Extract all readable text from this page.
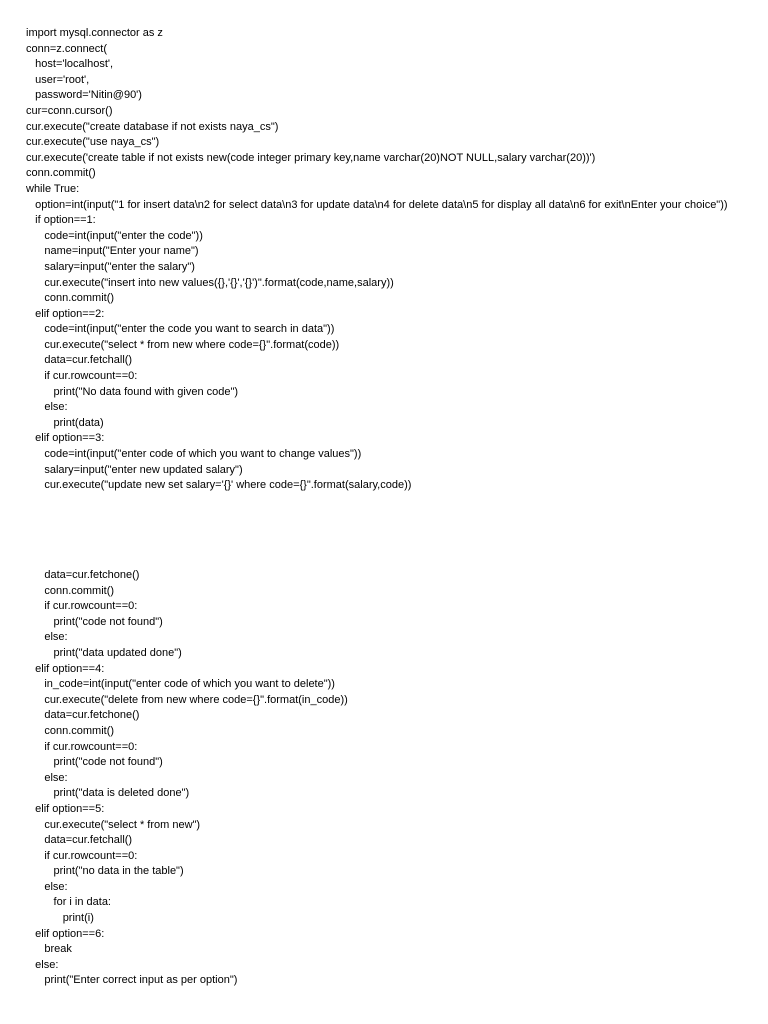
import mysql.connector as z
conn=z.connect(
host='localhost',
user='root',
password='Nitin@90')
cur=conn.cursor()
cur.execute("create database if not exists naya_cs")
cur.execute("use naya_cs")
cur.execute('create table if not exists new(code integer primary key,name varchar(20)NOT NULL,salary varchar(20))')
conn.commit()
while True:
option=int(input("1 for insert data\n2 for select data\n3 for update data\n4 for delete data\n5 for display all data\n6 for exit\nEnter your choice"))
if option==1:
code=int(input("enter the code"))
name=input("Enter your name")
salary=input("enter the salary")
cur.execute("insert into new values({},'{}','{}')".format(code,name,salary))
conn.commit()
elif option==2:
code=int(input("enter the code you want to search in data"))
cur.execute("select * from new where code={}".format(code))
data=cur.fetchall()
if cur.rowcount==0:
print("No data found with given code")
else:
print(data)
elif option==3:
code=int(input("enter code of which you want to change values"))
salary=input("enter new updated salary")
cur.execute("update new set salary='{}' where code={}".format(salary,code))
data=cur.fetchone()
conn.commit()
if cur.rowcount==0:
print("code not found")
else:
print("data updated done")
elif option==4:
in_code=int(input("enter code of which you want to delete"))
cur.execute("delete from new where code={}".format(in_code))
data=cur.fetchone()
conn.commit()
if cur.rowcount==0:
print("code not found")
else:
print("data is deleted done")
elif option==5:
cur.execute("select * from new")
data=cur.fetchall()
if cur.rowcount==0:
print("no data in the table")
else:
for i in data:
print(i)
elif option==6:
break
else:
print("Enter correct input as per option")
